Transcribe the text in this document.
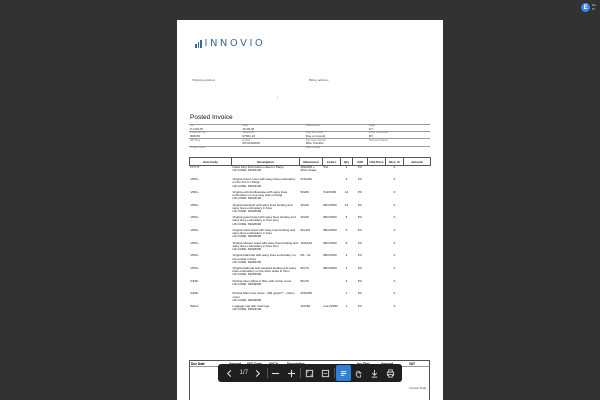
E	Re
Pr
INNOVIO
Shipping address	Billing address
|
Posted Invoice
No.
PJ-20178	Date
16.08.20		Salesperson	Page
1/7

Customer No.
300156	Telephone
07601 10		Payment terms
Due on receipt	Order Reference
MY

VAT Reg.	E-Mail
MT31422607		Payment method
Wire Transfer	Shipment Status

Project Code			Bank Details	

Item Code	Description	Dimension	Colors	Qty	C/M	Unit Price	Disc. %	Amount
FITT-5	Fitted King Size bottom sheet in Parigi
HS CODE: 63023100	180x200 + 40cm drape	511	3	PC		0	
VIRG-	Virginia duvet cover with wavy lines embroidery on the front in Parigi
HS CODE: 63023100	270x240		3	PC		0	
VIRG-	Virginia oxford pillowcase with wavy lines embroidery on one long side in Parigi
HS CODE: 63023100	50x80	511/P200	12	PC		0	
VIRG-	Virginia facecloth with wavy lines binding and wavy lines embroidery in Kiev
HS CODE: 63026000	30x30	B01/P200	12	PC		0	
VIRG-	Virginia guest towel with wavy lines binding and wavy lines embroidery in Kiev terry
HS CODE: 63026000	40x60	B01/P200	6	PC		0	
VIRG-	Virginia hand towel with wavy lines binding and wavy lines embroidery in Kiev
HS CODE: 63026000	60x110	B01/P200	6	PC		0	
VIRG-	Virginia shower towel with wavy lines binding and wavy lines embroidery in Kiev terry
HS CODE: 63026000	100x160	B01/P200	6	PC		0	
VIRG-	Virginia bathrobe with wavy lines embroidery on the pocket in Kiev
HS CODE: 62082100	ML - XL	B01/P200	2	PC		0	
VIRG-	Virginia bathmat with squared binding and wavy lines embroidery on the short sides in Tarm
HS CODE: 63026000	50x70	B01/P200	2	PC		0	
INNR-	Polsina inner pillow in fiber with cotton cover
HS CODE: 94049000	50x70		4	PC		0	
INNR-	Polsina Max inner duvet - 200 g/sqm** - cotton cover
HS CODE: 94049000	260x250		1	PC		0	
BAGI-	Luggage mat with trust logo
HS CODE: 63023100	110x60	Ivory/P200	1	PC		0	
Due Date	VAT
Invoice Total
1/7
